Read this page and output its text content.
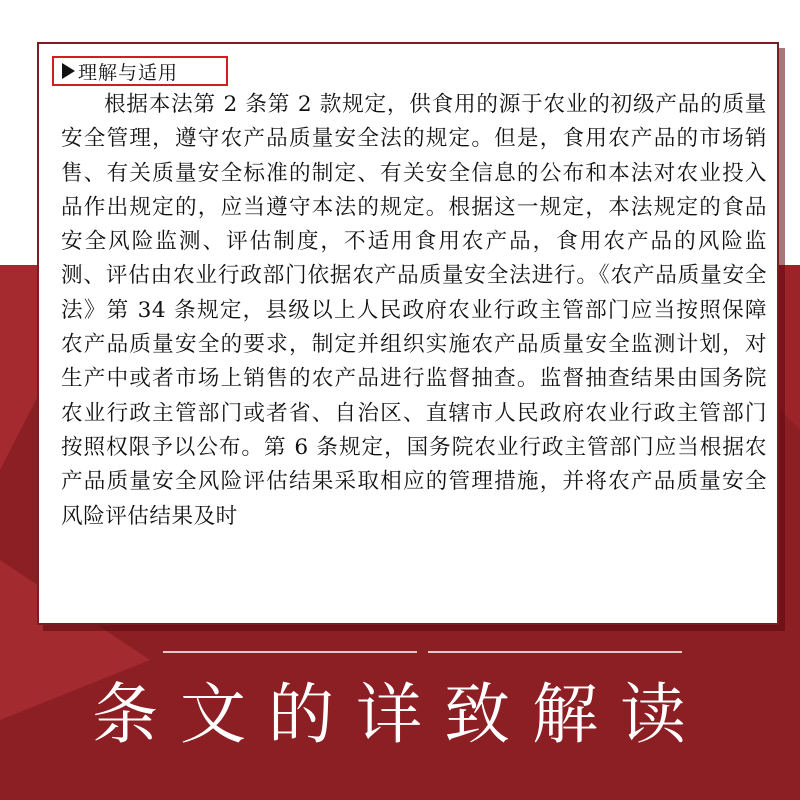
理解与适用

根据本法第 2 条第 2 款规定，供食用的源于农业的初级产品的质量安全管理，遵守农产品质量安全法的规定。但是，食用农产品的市场销售、有关质量安全标准的制定、有关安全信息的公布和本法对农业投入品作出规定的，应当遵守本法的规定。根据这一规定，本法规定的食品安全风险监测、评估制度，不适用食用农产品，食用农产品的风险监测、评估由农业行政部门依据农产品质量安全法进行。《农产品质量安全法》第 34 条规定，县级以上人民政府农业行政主管部门应当按照保障农产品质量安全的要求，制定并组织实施农产品质量安全监测计划，对生产中或者市场上销售的农产品进行监督抽查。监督抽查结果由国务院农业行政主管部门或者省、自治区、直辖市人民政府农业行政主管部门按照权限予以公布。第 6 条规定，国务院农业行政主管部门应当根据农产品质量安全风险评估结果采取相应的管理措施，并将农产品质量安全风险评估结果及时

条文的详致解读
